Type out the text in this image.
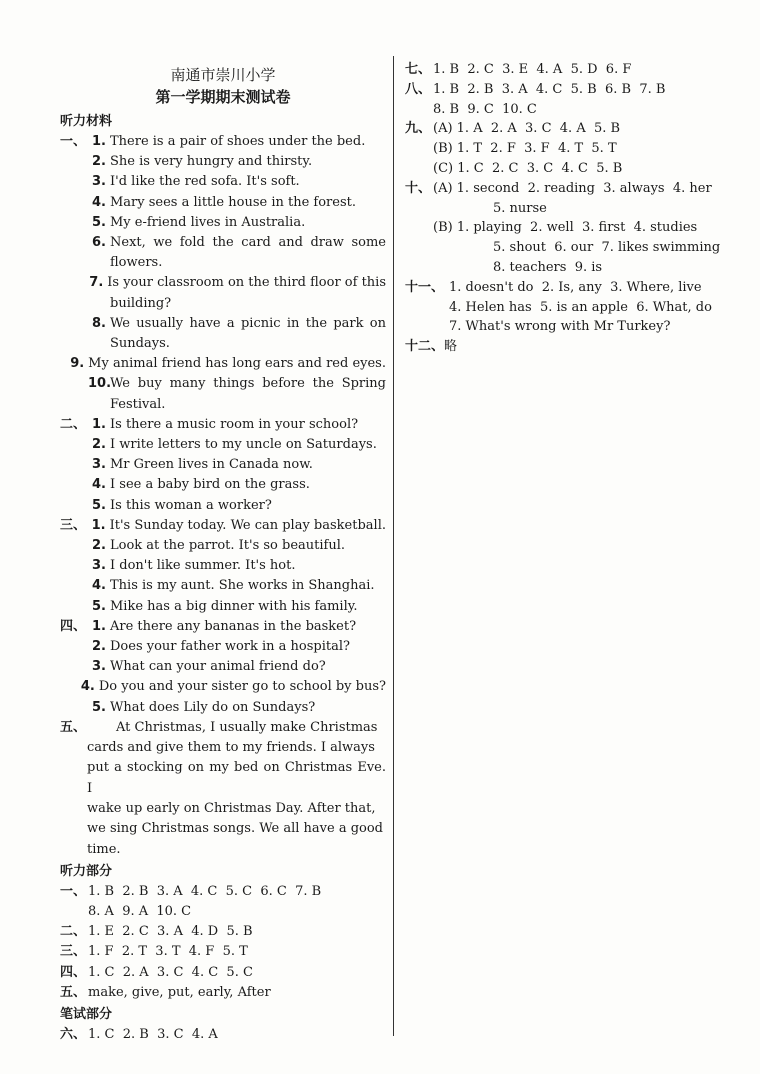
南通市崇川小学
第一学期期末测试卷
听力材料
一、 1. There is a pair of shoes under the bed.
2. She is very hungry and thirsty.
3. I'd like the red sofa. It's soft.
4. Mary sees a little house in the forest.
5. My e-friend lives in Australia.
6. Next, we fold the card and draw some
flowers.
7. Is your classroom on the third floor of this
building?
8. We usually have a picnic in the park on
Sundays.
9. My animal friend has long ears and red eyes.
10.
We buy many things before the Spring
Festival.
二、 1. Is there a music room in your school?
2. I write letters to my uncle on Saturdays.
3. Mr Green lives in Canada now.
4. I see a baby bird on the grass.
5. Is this woman a worker?
三、 1. It's Sunday today. We can play basketball.
2. Look at the parrot. It's so beautiful.
3. I don't like summer. It's hot.
4. This is my aunt. She works in Shanghai.
5. Mike has a big dinner with his family.
四、 1. Are there any bananas in the basket?
2. Does your father work in a hospital?
3. What can your animal friend do?
4. Do you and your sister go to school by bus?
5. What does Lily do on Sundays?
五、	At Christmas, I usually make Christmas
cards and give them to my friends. I always
put a stocking on my bed on Christmas Eve. I
wake up early on Christmas Day. After that,
we sing Christmas songs. We all have a good
time.
听力部分
一、 1. B  2. B  3. A  4. C  5. C  6. C  7. B
8. A  9. A  10. C
二、 1. E  2. C  3. A  4. D  5. B
三、 1. F  2. T  3. T  4. F  5. T
四、 1. C  2. A  3. C  4. C  5. C
五、 make, give, put, early, After
笔试部分
六、 1. C  2. B  3. C  4. A
七、 1. B  2. C  3. E  4. A  5. D  6. F
八、 1. B  2. B  3. A  4. C  5. B  6. B  7. B
8. B  9. C  10. C
九、 (A) 1. A  2. A  3. C  4. A  5. B
(B) 1. T  2. F  3. F  4. T  5. T
(C) 1. C  2. C  3. C  4. C  5. B
十、 (A) 1. second  2. reading  3. always  4. her
5. nurse
(B) 1. playing  2. well  3. first  4. studies
5. shout  6. our  7. likes swimming
8. teachers  9. is
十一、 1. doesn't do  2. Is, any  3. Where, live
4. Helen has  5. is an apple  6. What, do
7. What's wrong with Mr Turkey?
十二、 略
